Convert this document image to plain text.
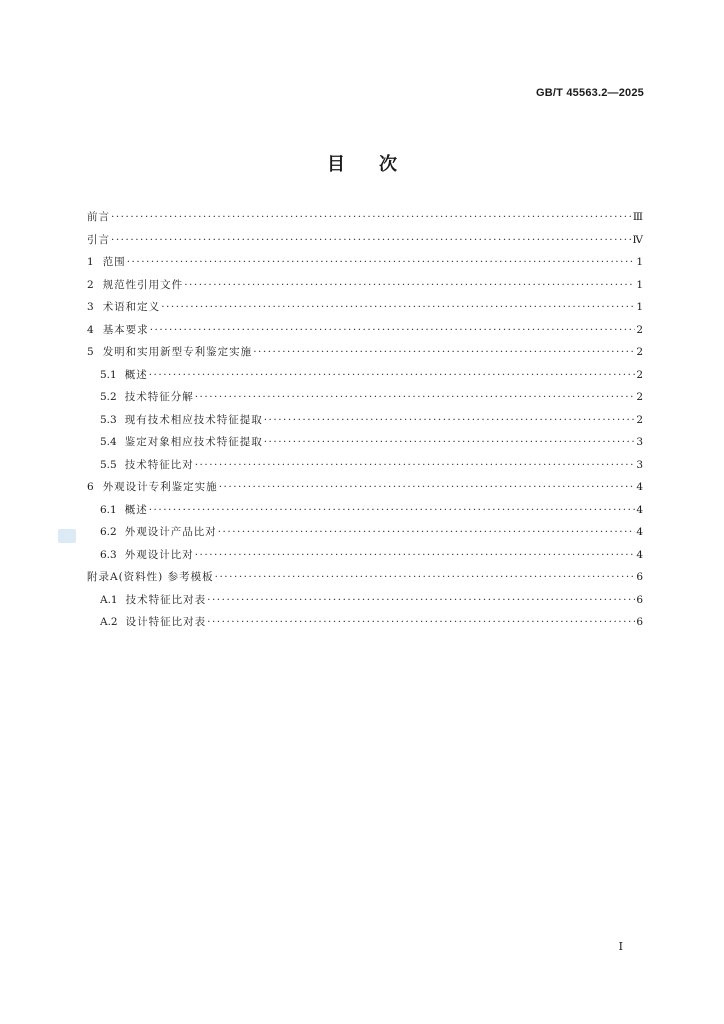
GB/T 45563.2—2025
目次
前言 ·····	Ⅲ
引言 ·····	Ⅳ
1 范围 ·····	1
2 规范性引用文件 ·····	1
3 术语和定义 ·····	1
4 基本要求 ·····	2
5 发明和实用新型专利鉴定实施 ·····	2
5.1 概述 ·····	2
5.2 技术特征分解 ·····	2
5.3 现有技术相应技术特征提取 ·····	2
5.4 鉴定对象相应技术特征提取 ·····	3
5.5 技术特征比对 ·····	3
6 外观设计专利鉴定实施 ·····	4
6.1 概述 ·····	4
6.2 外观设计产品比对 ·····	4
6.3 外观设计比对 ·····	4
附录A(资料性) 参考模板 ·····	6
A.1 技术特征比对表 ·····	6
A.2 设计特征比对表 ·····	6
I
